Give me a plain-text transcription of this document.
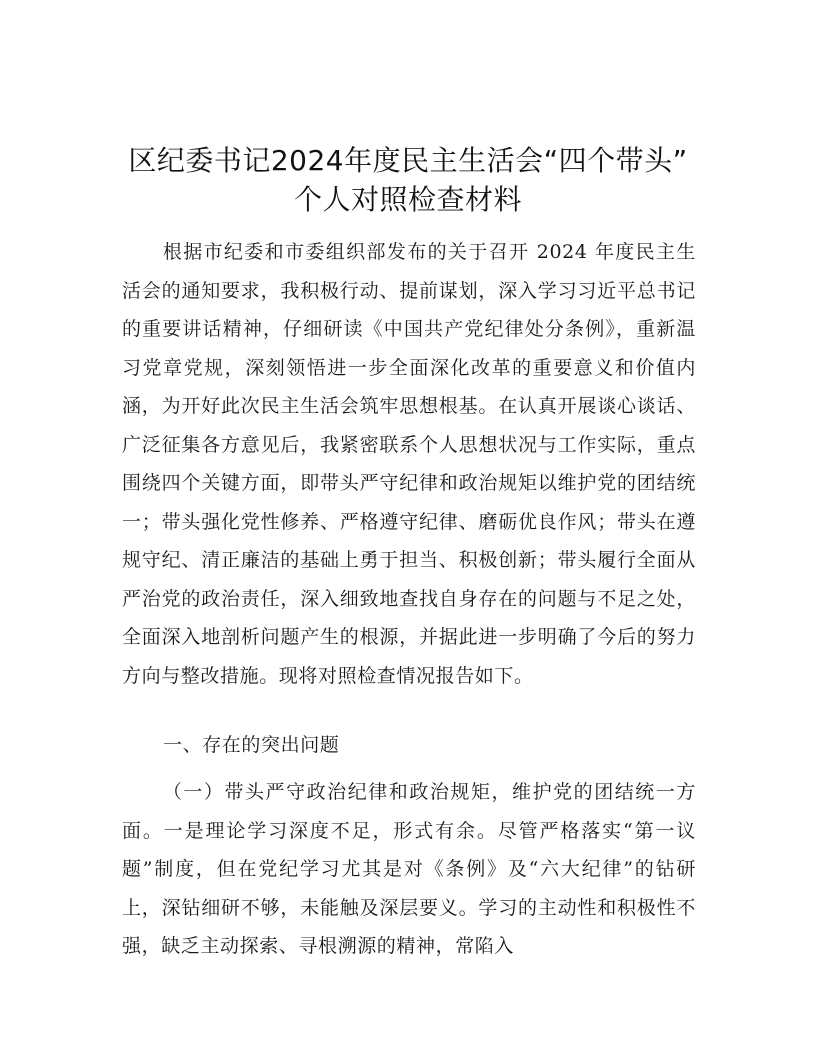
区纪委书记2024年度民主生活会“四个带头”
个人对照检查材料
根据市纪委和市委组织部发布的关于召开 2024 年度民主生活会的通知要求，我积极行动、提前谋划，深入学习习近平总书记的重要讲话精神，仔细研读《中国共产党纪律处分条例》，重新温习党章党规，深刻领悟进一步全面深化改革的重要意义和价值内涵，为开好此次民主生活会筑牢思想根基。在认真开展谈心谈话、广泛征集各方意见后，我紧密联系个人思想状况与工作实际，重点围绕四个关键方面，即带头严守纪律和政治规矩以维护党的团结统一；带头强化党性修养、严格遵守纪律、磨砺优良作风；带头在遵规守纪、清正廉洁的基础上勇于担当、积极创新；带头履行全面从严治党的政治责任，深入细致地查找自身存在的问题与不足之处，全面深入地剖析问题产生的根源，并据此进一步明确了今后的努力方向与整改措施。现将对照检查情况报告如下。
一、存在的突出问题
（一）带头严守政治纪律和政治规矩，维护党的团结统一方面。一是理论学习深度不足，形式有余。尽管严格落实“第一议题”制度，但在党纪学习尤其是对《条例》及“六大纪律”的钻研上，深钻细研不够，未能触及深层要义。学习的主动性和积极性不强，缺乏主动探索、寻根溯源的精神，常陷入
